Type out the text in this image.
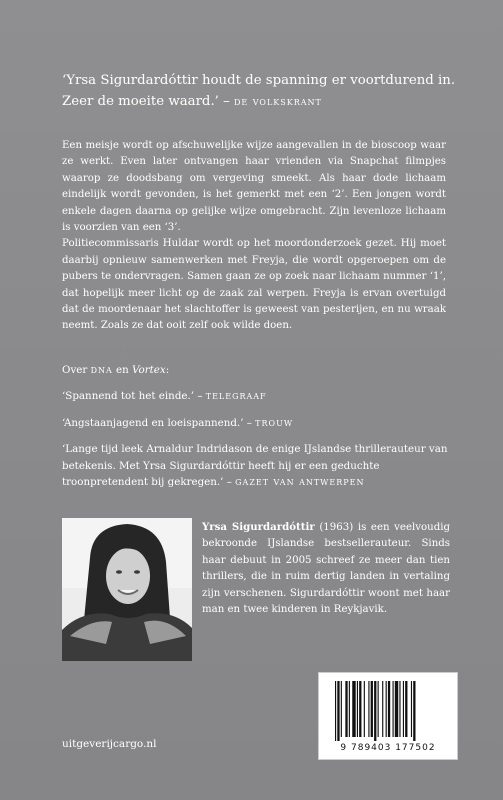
‘Yrsa Sigurdardóttir houdt de spanning er voortdurend in. Zeer de moeite waard.’ – de volkskrant

Een meisje wordt op afschuwelijke wijze aangevallen in de bioscoop waar ze werkt. Even later ontvangen haar vrienden via Snapchat filmpjes waarop ze doodsbang om vergeving smeekt. Als haar dode lichaam eindelijk wordt gevonden, is het gemerkt met een ‘2’. Een jongen wordt enkele dagen daarna op gelijke wijze omgebracht. Zijn levenloze lichaam is voorzien van een ‘3’.

Politiecommissaris Huldar wordt op het moordonderzoek gezet. Hij moet daarbij opnieuw samenwerken met Freyja, die wordt opgeroepen om de pubers te ondervragen. Samen gaan ze op zoek naar lichaam nummer ‘1’, dat hopelijk meer licht op de zaak zal werpen. Freyja is ervan overtuigd dat de moordenaar het slachtoffer is geweest van pesterijen, en nu wraak neemt. Zoals ze dat ooit zelf ook wilde doen.

Over dna en Vortex:

‘Spannend tot het einde.’ – telegraaf

‘Angstaanjagend en loeispannend.’ – trouw

‘Lange tijd leek Arnaldur Indridason de enige IJslandse thrillerauteur van betekenis. Met Yrsa Sigurdardóttir heeft hij er een geduchte troonpretendent bij gekregen.’ – gazet van antwerpen

Yrsa Sigurdardóttir (1963) is een veelvoudig bekroonde IJslandse bestsellerauteur. Sinds haar debuut in 2005 schreef ze meer dan tien thrillers, die in ruim dertig landen in vertaling zijn verschenen. Sigurdardóttir woont met haar man en twee kinderen in Reykjavik.
9 789403 177502
uitgeverijcargo.nl
